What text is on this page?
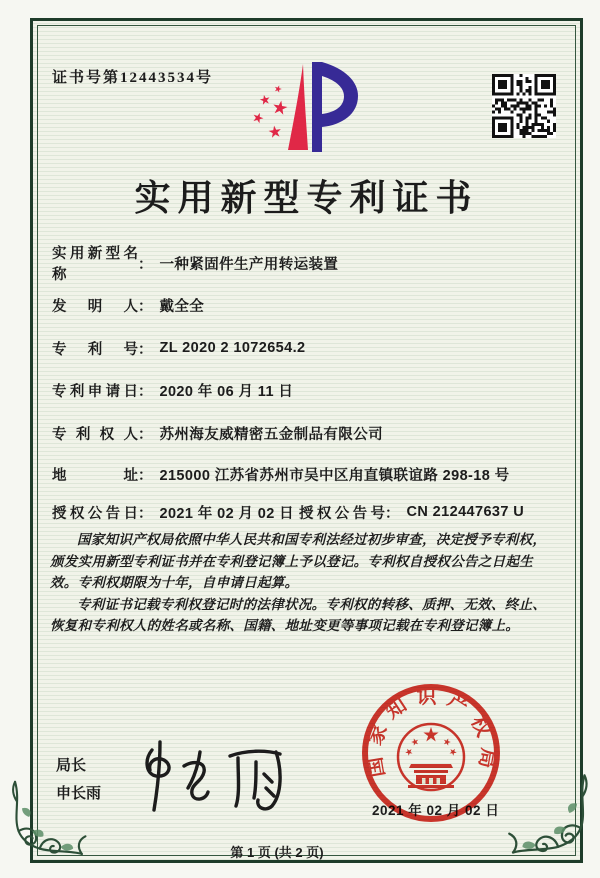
证书号第12443534号
实用新型专利证书
实用新型名称
： 一种紧固件生产用转运装置
发明人 ： 戴全全
专利号 ： ZL 2020 2 1072654.2
专利申请日 ： 2020 年 06 月 11 日
专利权人 ： 苏州海友威精密五金制品有限公司
地址 ： 215000 江苏省苏州市吴中区甪直镇联谊路 298-18 号
授权公告日 ： 2021 年 02 月 02 日 授权公告号 ： CN 212447637 U

国家知识产权局依照中华人民共和国专利法经过初步审查，决定授予专利权，颁发实用新型专利证书并在专利登记簿上予以登记。专利权自授权公告之日起生效。专利权期限为十年，自申请日起算。

专利证书记载专利权登记时的法律状况。专利权的转移、质押、无效、终止、恢复和专利权人的姓名或名称、国籍、地址变更等事项记载在专利登记簿上。

局长
申长雨
2021 年 02 月 02 日
国家知识产权局
第 1 页 (共 2 页)
